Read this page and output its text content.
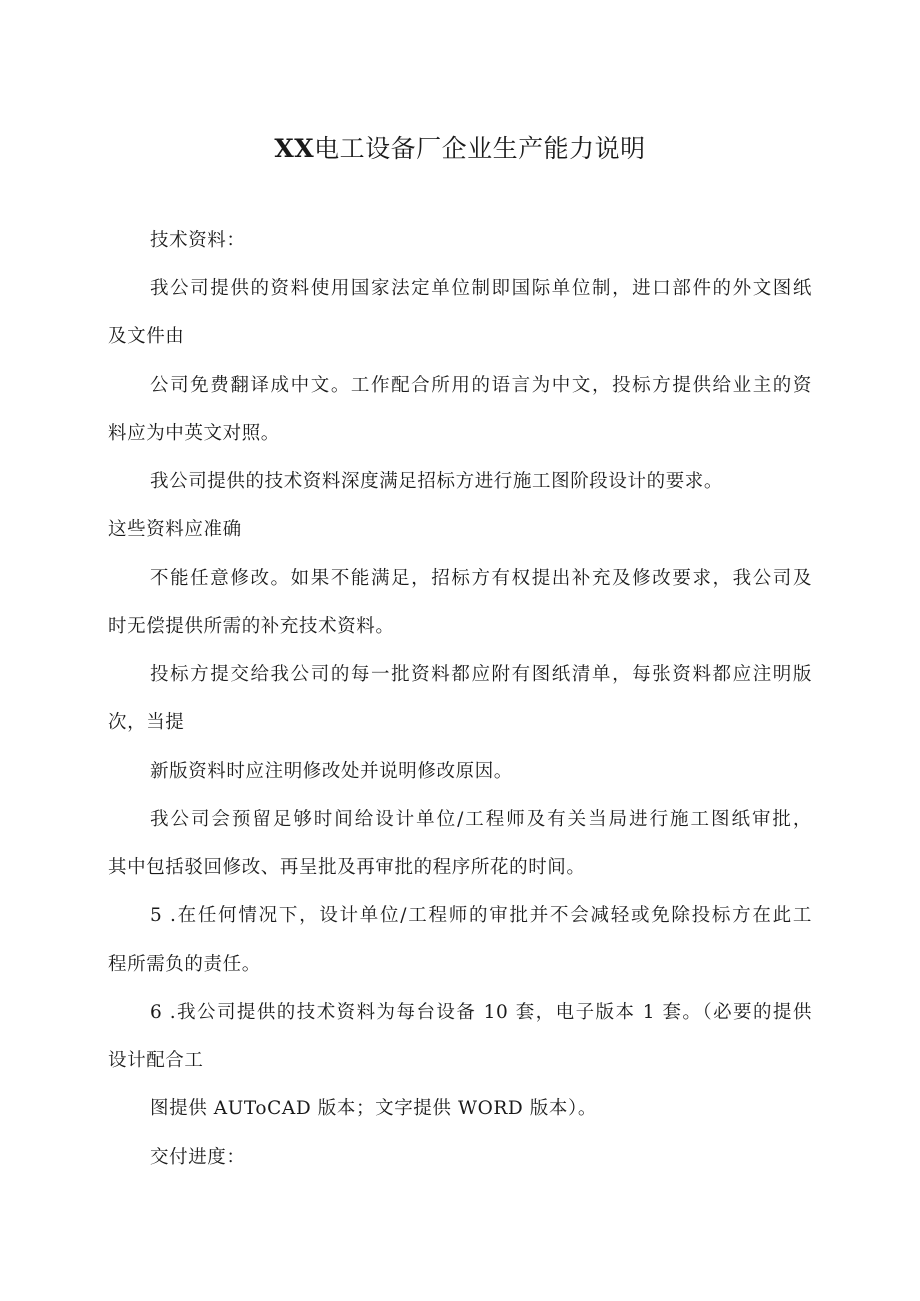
XX电工设备厂企业生产能力说明

技术资料：

我公司提供的资料使用国家法定单位制即国际单位制，进口部件的外文图纸

及文件由

公司免费翻译成中文。工作配合所用的语言为中文，投标方提供给业主的资

料应为中英文对照。

我公司提供的技术资料深度满足招标方进行施工图阶段设计的要求。

这些资料应准确

不能任意修改。如果不能满足，招标方有权提出补充及修改要求，我公司及

时无偿提供所需的补充技术资料。

投标方提交给我公司的每一批资料都应附有图纸清单，每张资料都应注明版

次，当提

新版资料时应注明修改处并说明修改原因。

我公司会预留足够时间给设计单位/工程师及有关当局进行施工图纸审批，

其中包括驳回修改、再呈批及再审批的程序所花的时间。

5 .在任何情况下，设计单位/工程师的审批并不会减轻或免除投标方在此工

程所需负的责任。

6 .我公司提供的技术资料为每台设备 10 套，电子版本 1 套。（必要的提供

设计配合工

图提供 AUToCAD 版本；文字提供 WORD 版本）。

交付进度：
